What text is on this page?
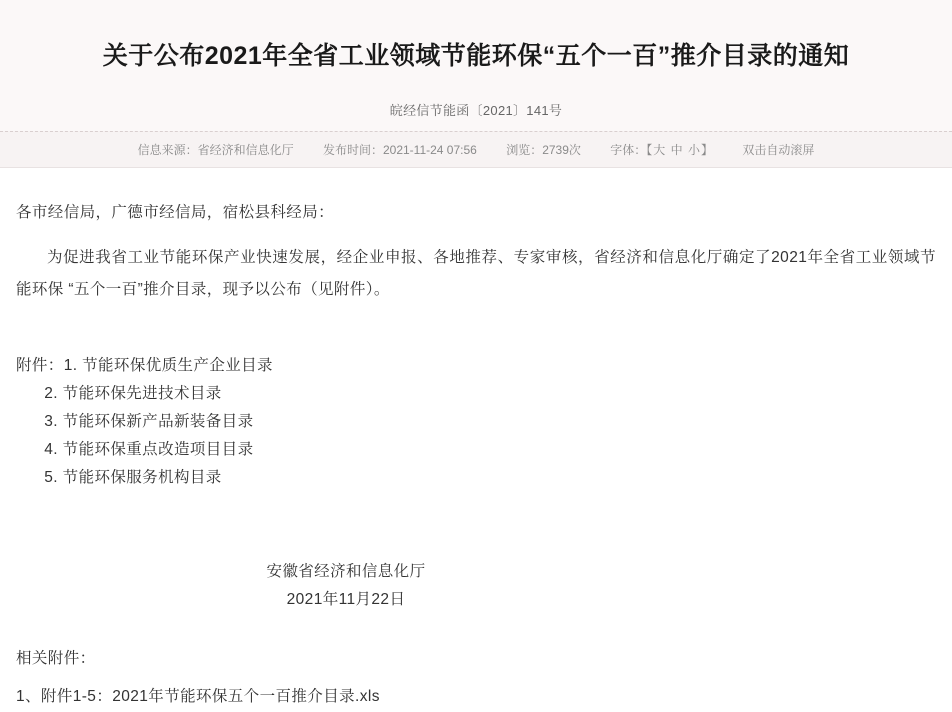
关于公布2021年全省工业领域节能环保“五个一百”推介目录的通知
皖经信节能函〔2021〕141号
信息来源：省经济和信息化厅 发布时间：2021-11-24 07:56 浏览：2739次 字体：【大 中 小】 双击自动滚屏

各市经信局，广德市经信局，宿松县科经局：

为促进我省工业节能环保产业快速发展，经企业申报、各地推荐、专家审核，省经济和信息化厅确定了2021年全省工业领域节能环保 “五个一百”推介目录，现予以公布（见附件）。

附件：1. 节能环保优质生产企业目录
2. 节能环保先进技术目录
3. 节能环保新产品新装备目录
4. 节能环保重点改造项目目录
5. 节能环保服务机构目录
安徽省经济和信息化厅
2021年11月22日
相关附件：
1、附件1-5：2021年节能环保五个一百推介目录.xls
